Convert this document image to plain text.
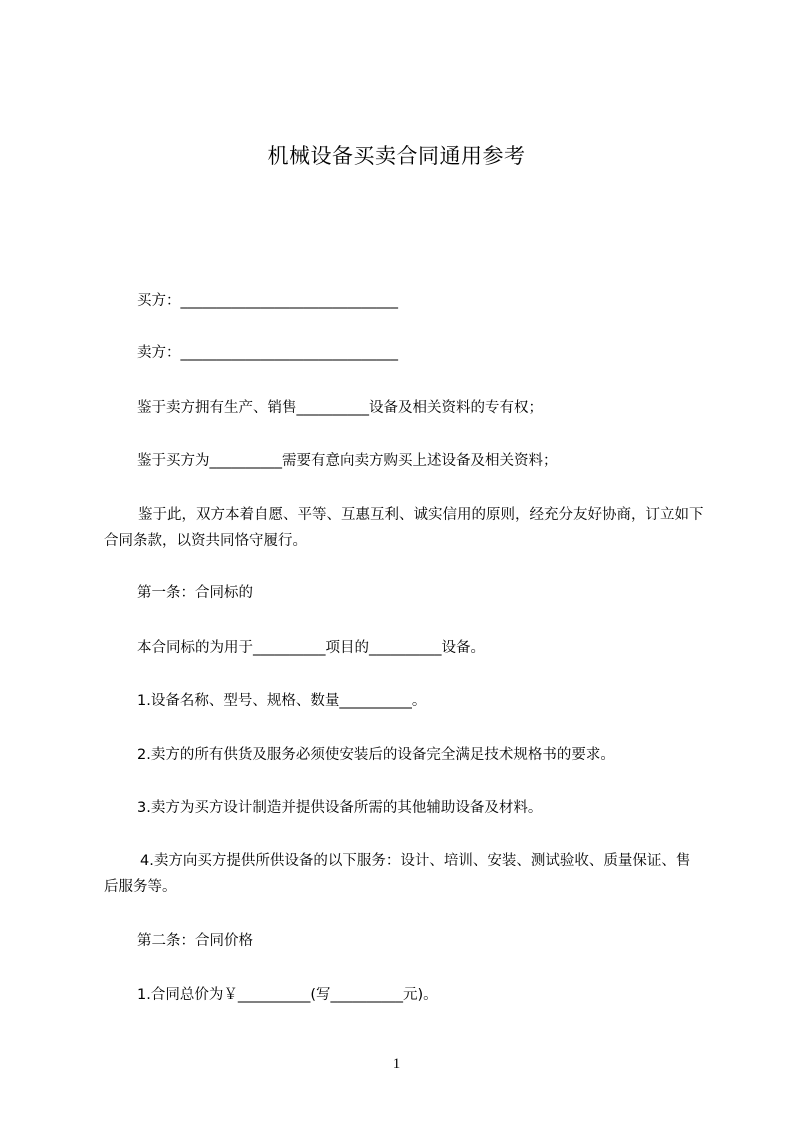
机械设备买卖合同通用参考
买方：______________________________
卖方：______________________________
鉴于卖方拥有生产、销售__________设备及相关资料的专有权；
鉴于买方为__________需要有意向卖方购买上述设备及相关资料；
鉴于此，双方本着自愿、平等、互惠互利、诚实信用的原则，经充分友好协商，订立如下合同条款，以资共同恪守履行。
第一条：合同标的
本合同标的为用于__________项目的__________设备。
1.设备名称、型号、规格、数量__________。
2.卖方的所有供货及服务必须使安装后的设备完全满足技术规格书的要求。
3.卖方为买方设计制造并提供设备所需的其他辅助设备及材料。
4.卖方向买方提供所供设备的以下服务：设计、培训、安装、测试验收、质量保证、售后服务等。
第二条：合同价格
1.合同总价为￥__________(写__________元)。
1
